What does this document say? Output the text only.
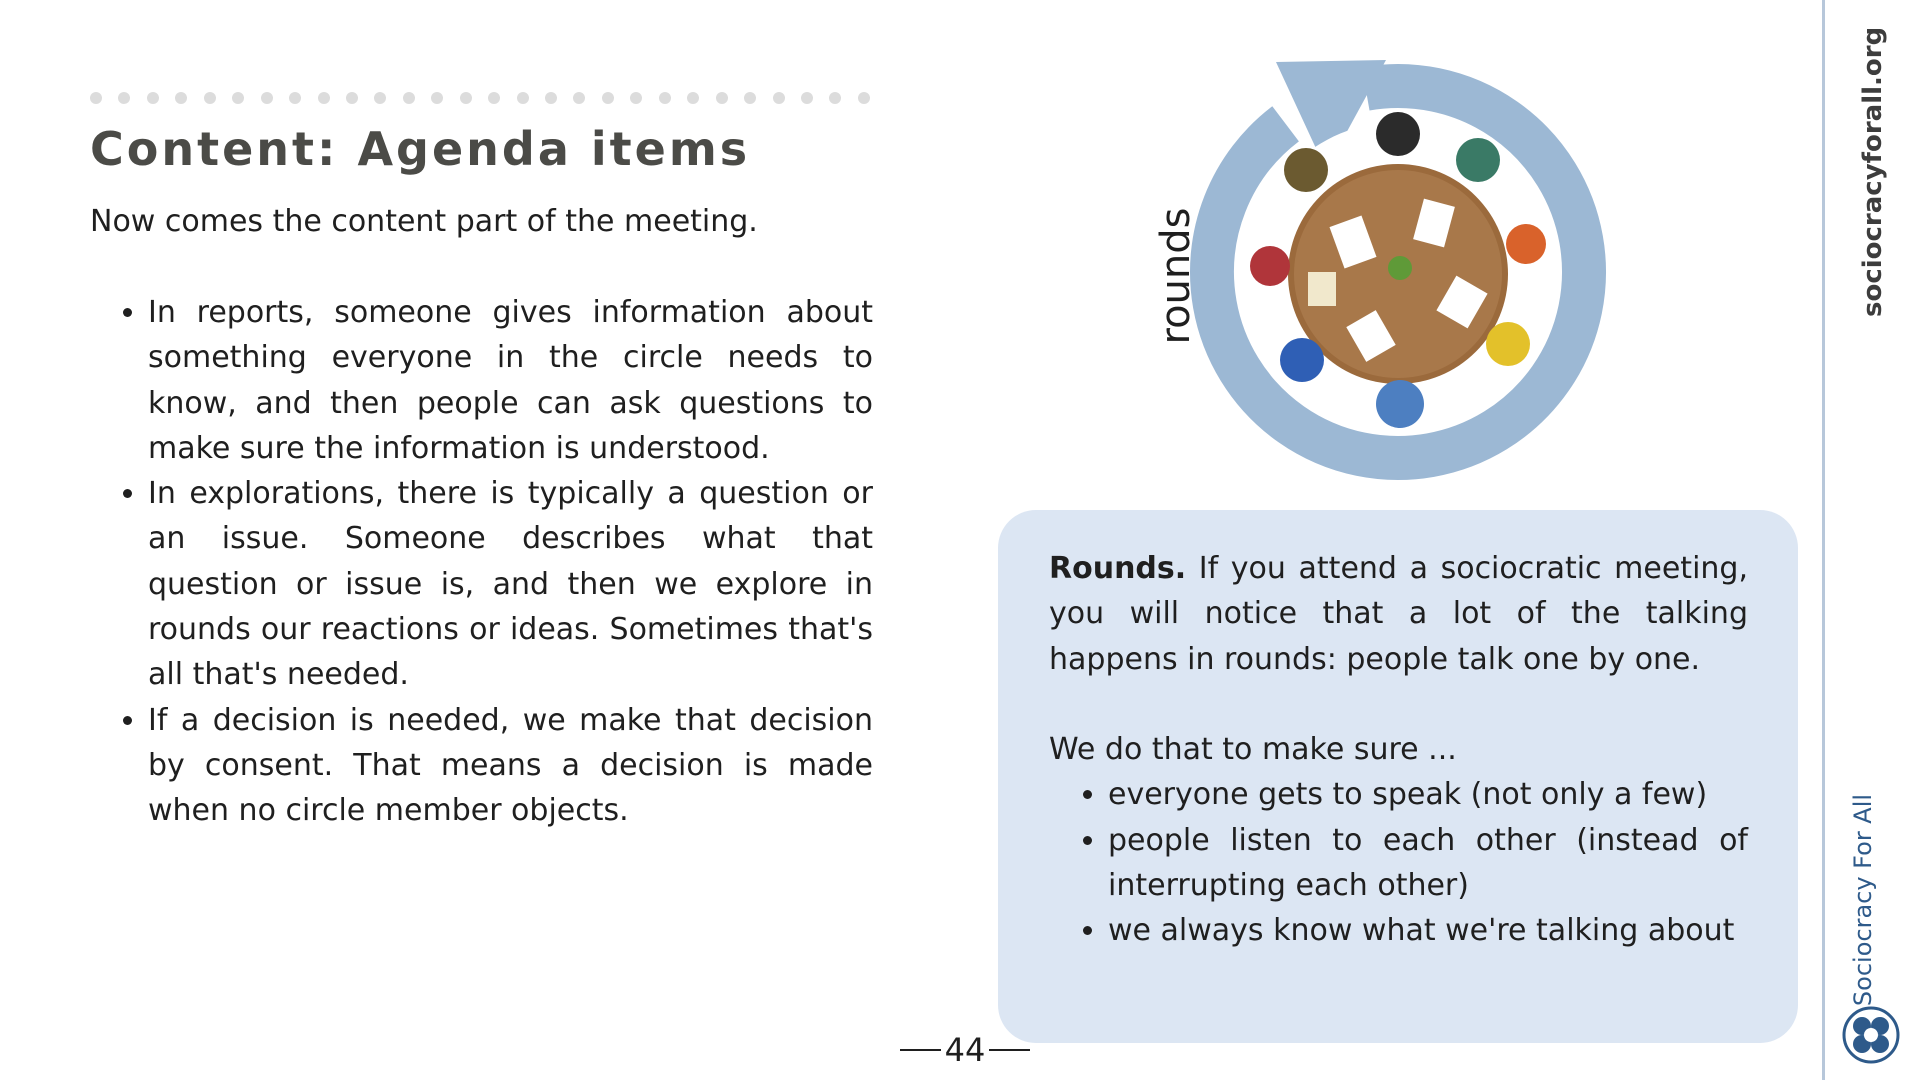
Content: Agenda items

Now comes the content part of the meeting.

• In reports, someone gives information about something everyone in the circle needs to know, and then people can ask questions to make sure the information is understood.
• In explorations, there is typically a question or an issue. Someone describes what that question or issue is, and then we explore in rounds our reactions or ideas. Sometimes that's all that's needed.
• If a decision is needed, we make that decision by consent. That means a decision is made when no circle member objects.
rounds

Rounds. If you attend a sociocratic meeting, you will notice that a lot of the talking happens in rounds: people talk one by one.

We do that to make sure ...

• everyone gets to speak (not only a few)
• people listen to each other (instead of interrupting each other)
• we always know what we're talking about
44
sociocracyforall.org
Sociocracy For All
